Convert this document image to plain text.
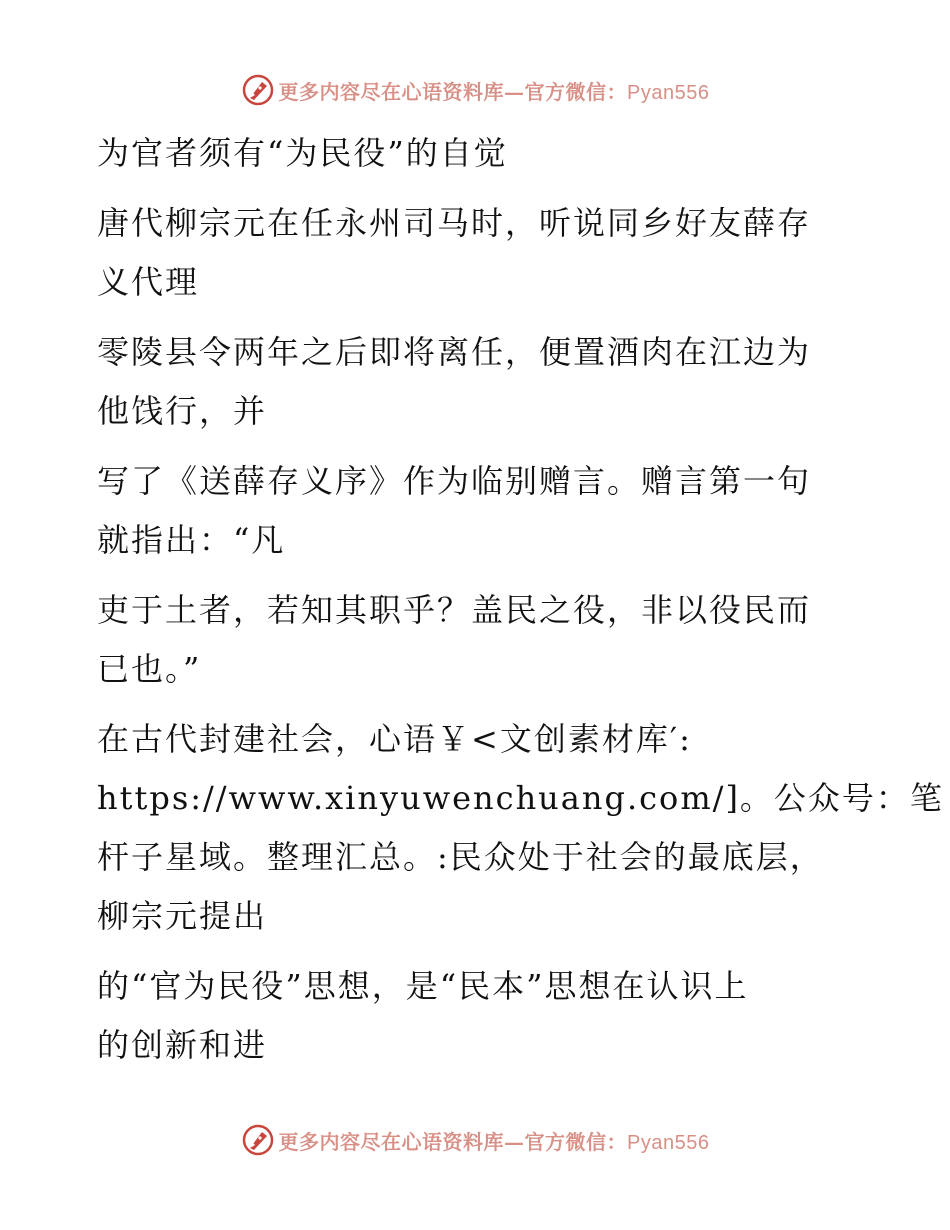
更多内容尽在心语资料库—官方微信：Pyan556

为官者须有“为民役”的自觉

唐代柳宗元在任永州司马时，听说同乡好友薛存
义代理

零陵县令两年之后即将离任，便置酒肉在江边为
他饯行，并

写了《送薛存义序》作为临别赠言。赠言第一句
就指出：“凡

吏于土者，若知其职乎？盖民之役，非以役民而
已也。”

在古代封建社会，心语￥<文创素材库′:
https://www.xinyuwenchuang.com/]。公众号：笔
杆子星域。整理汇总。:民众处于社会的最底层，
柳宗元提出

的“官为民役”思想，是“民本”思想在认识上
的创新和进

更多内容尽在心语资料库—官方微信：Pyan556
